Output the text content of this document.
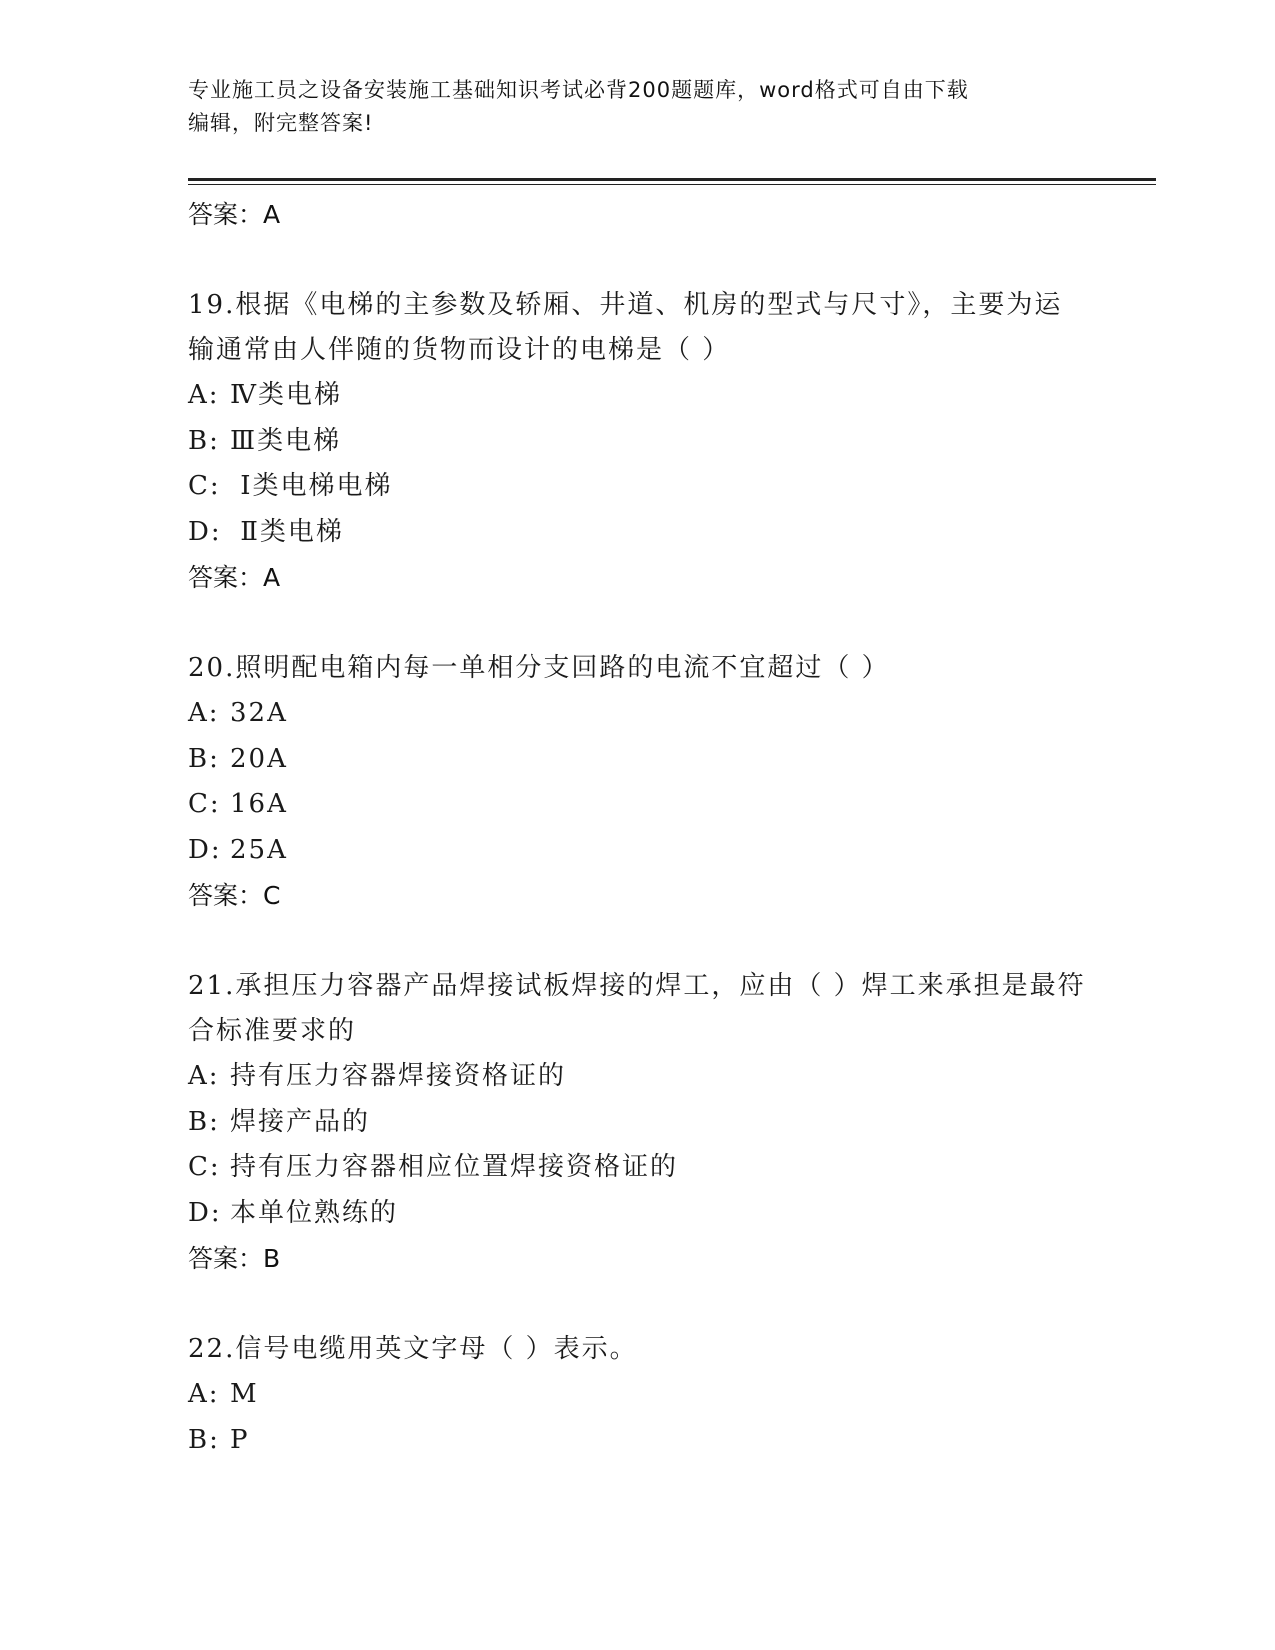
专业施工员之设备安装施工基础知识考试必背200题题库，word格式可自由下载
编辑，附完整答案!
答案：A
19.根据《电梯的主参数及轿厢、井道、机房的型式与尺寸》，主要为运输通常由人伴随的货物而设计的电梯是（ ）
A: Ⅳ类电梯
B: Ⅲ类电梯
C: Ⅰ类电梯电梯
D: Ⅱ类电梯
答案：A
20.照明配电箱内每一单相分支回路的电流不宜超过（ ）
A: 32A
B: 20A
C: 16A
D: 25A
答案：C
21.承担压力容器产品焊接试板焊接的焊工，应由（ ）焊工来承担是最符合标准要求的
A: 持有压力容器焊接资格证的
B: 焊接产品的
C: 持有压力容器相应位置焊接资格证的
D: 本单位熟练的
答案：B
22.信号电缆用英文字母（ ）表示。
A: M
B: P
